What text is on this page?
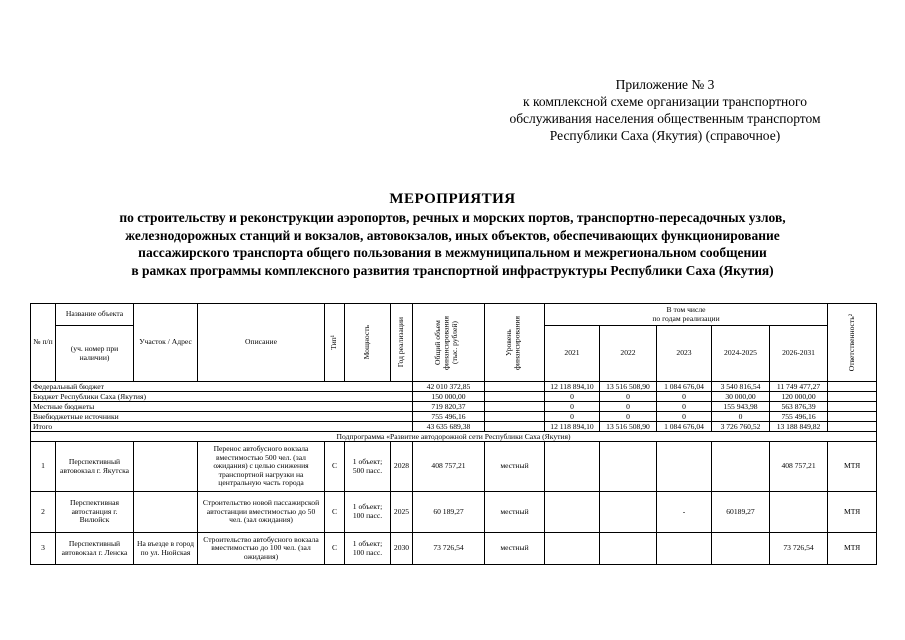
Приложение № 3
к комплексной схеме организации транспортного
обслуживания населения общественным транспортом
Республики Саха (Якутия) (справочное)
МЕРОПРИЯТИЯ
по строительству и реконструкции аэропортов, речных и морских портов, транспортно-пересадочных узлов,
железнодорожных станций и вокзалов, автовокзалов, иных объектов, обеспечивающих функционирование
пассажирского транспорта общего пользования в межмуниципальном и межрегиональном сообщении
в рамках программы комплексного развития транспортной инфраструктуры Республики Саха (Якутия)
№ п/п	Название объекта	Участок / Адрес	Описание	Тип¹	Мощность	Год реализации	Общий объем финансирования (тыс. рублей)	Уровень финансирования	В том числе
по годам реализации					Ответственность²

	(уч. номер при наличии)								2021	2022	2023	2024-2025	2026-2031	
Федеральный бюджет							42 010 372,85		12 118 894,10	13 516 508,90	1 084 676,04	3 540 816,54	11 749 477,27	
Бюджет Республики Саха (Якутия)							150 000,00		0	0	0	30 000,00	120 000,00	
Местные бюджеты							719 820,37		0	0	0	155 943,98	563 876,39	
Внебюджетные источники							755 496,16		0	0	0	0	755 496,16	
Итого							43 635 689,38		12 118 894,10	13 516 508,90	1 084 676,04	3 726 760,52	13 188 849,82	
Подпрограмма «Развитие автодорожной сети Республики Саха (Якутия)														
1	Перспективный автовокзал г. Якутска		Перенос автобусного вокзала вместимостью 500 чел. (зал ожидания) с целью снижения транспортной нагрузки на центральную часть города	С	1 объект; 500 пасс.	2028	408 757,21	местный					408 757,21	МТЯ
2	Перспективная автостанция г. Вилюйск		Строительство новой пассажирской автостанции вместимостью до 50 чел. (зал ожидания)	С	1 объект; 100 пасс.	2025	60 189,27	местный			-	60189,27		МТЯ
3	Перспективный автовокзал г. Ленска	На въезде в город по ул. Нюйская	Строительство автобусного вокзала вместимостью до 100 чел. (зал ожидания)	С	1 объект; 100 пасс.	2030	73 726,54	местный					73 726,54	МТЯ
